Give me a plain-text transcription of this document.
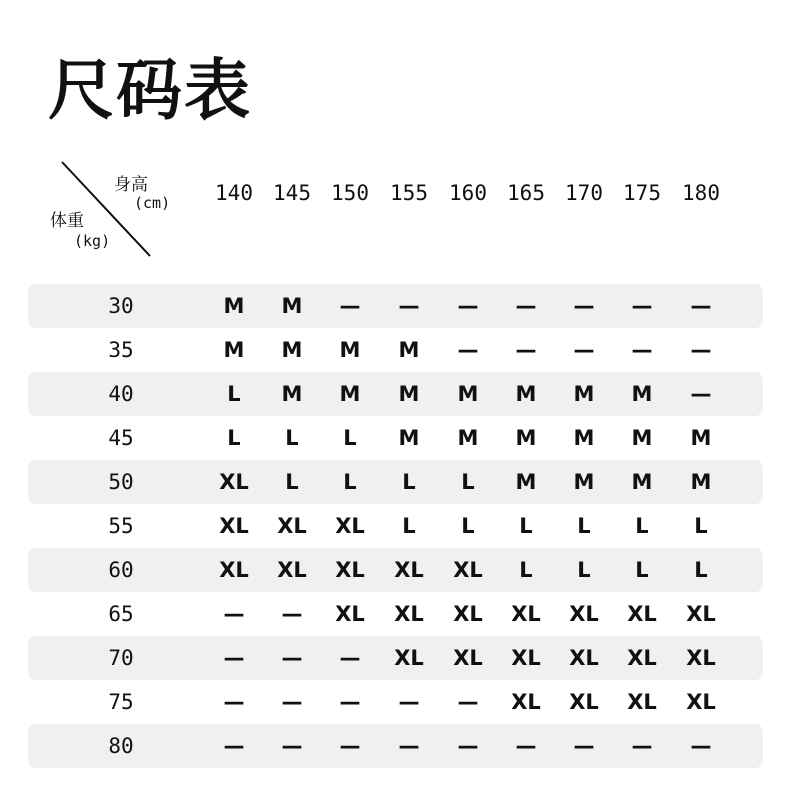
尺码表
身高
(cm)
体重
(kg)
140 145 150	155	160 165 170 175	180
30	M	M	—	—	—	—	—	—	—
35	M	M	M	M	—	—	—	—	—
40	L	M	M	M	M	M	M	M	—
45	L	L	L	M	M	M	M	M	M
50	XL	L	L	L	L	M	M	M	M
55	XL	XL	XL	L	L	L	L	L	L
60	XL	XL	XL	XL	XL	L	L	L	L
65	—	—	XL	XL	XL	XL	XL	XL	XL
70	—	—	—	XL	XL	XL	XL	XL	XL
75	—	—	—	—	—	XL	XL	XL	XL
80	—	—	—	—	—	—	—	—	—
